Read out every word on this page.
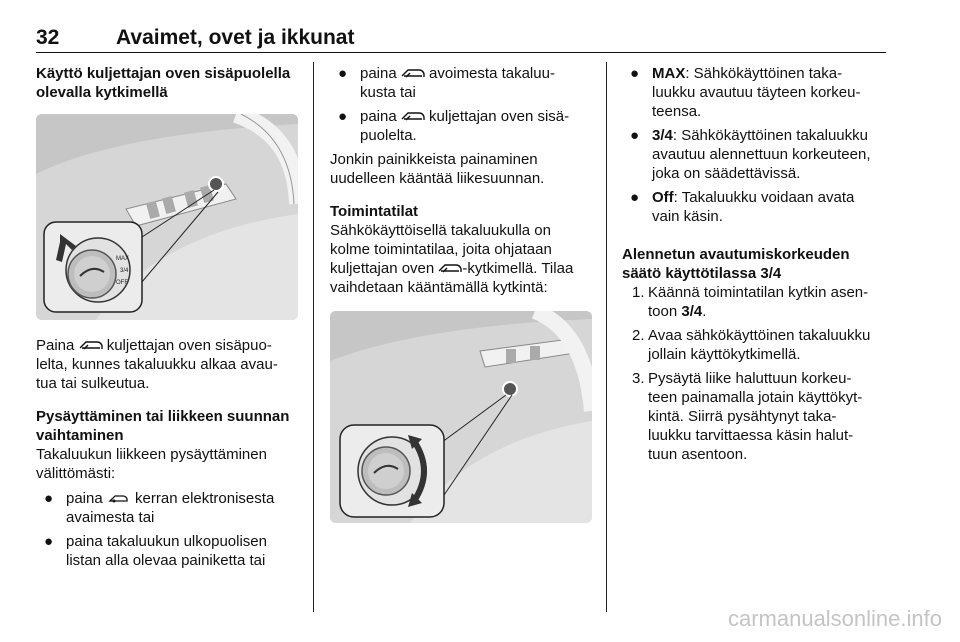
32	Avaimet, ovet ja ikkunat

Käyttö kuljettajan oven sisäpuolella
olevalla kytkimellä

MAX
3/4
OFF

Paina kuljettajan oven sisäpuo-
lelta, kunnes takaluukku alkaa avau-
tua tai sulkeutua.

Pysäyttäminen tai liikkeen suunnan
vaihtaminen

Takaluukun liikkeen pysäyttäminen
välittömästi:

● paina kerran elektronisesta
avaimesta tai
● paina takaluukun ulkopuolisen
listan alla olevaa painiketta tai
● paina avoimesta takaluu-
kusta tai
● paina kuljettajan oven sisä-
puolelta.

Jonkin painikkeista painaminen
uudelleen kääntää liikesuunnan.

Toimintatilat

Sähkökäyttöisellä takaluukulla on
kolme toimintatilaa, joita ohjataan
kuljettajan oven -kytkimellä. Tilaa
vaihdetaan kääntämällä kytkintä:

● MAX: Sähkökäyttöinen taka-
luukku avautuu täyteen korkeu-
teensa.
● 3/4: Sähkökäyttöinen takaluukku
avautuu alennettuun korkeuteen,
joka on säädettävissä.
● Off: Takaluukku voidaan avata
vain käsin.

Alennetun avautumiskorkeuden
säätö käyttötilassa 3/4

1. Käännä toimintatilan kytkin asen-
toon 3/4.
2. Avaa sähkökäyttöinen takaluukku
jollain käyttökytkimellä.
3. Pysäytä liike haluttuun korkeu-
teen painamalla jotain käyttökyt-
kintä. Siirrä pysähtynyt taka-
luukku tarvittaessa käsin halut-
tuun asentoon.
carmanualsonline.info
